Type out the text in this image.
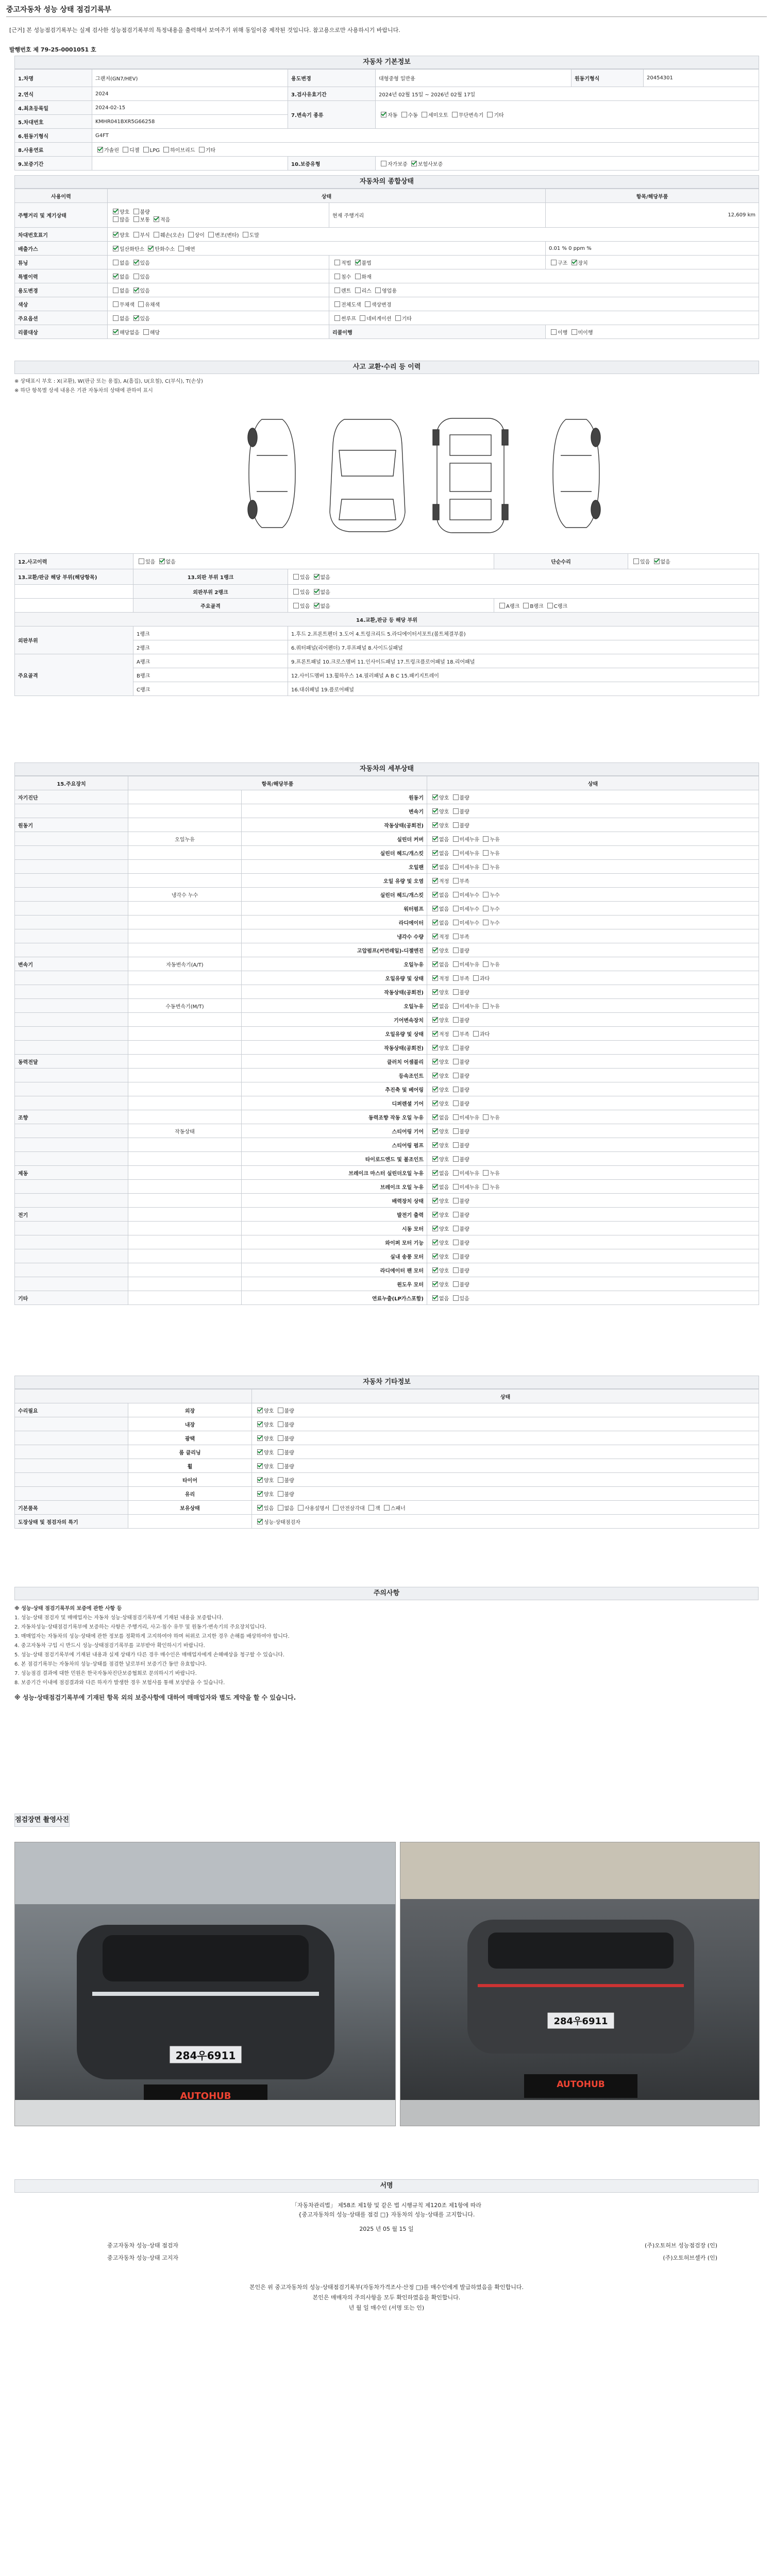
중고자동차 성능 상태 점검기록부
[근거] 본 성능점검기록부는 실제 검사한 성능점검기록부의 특정내용을 출력해서 보여주기 위해 동일이중 제작된 것입니다. 참고용으로만 사용하시기 바랍니다.
발행번호 제 79-25-0001051 호
자동차 기본정보
1.차명	그랜저(GN7/HEV)	용도변경	대형중형 일반용	원동기형식	20454301
2.연식	2024	3.검사유효기간	2024년 02월 15일 ~ 2026년 02월 17일		
4.최초등록일	2024-02-15	7.변속기 종류	자동 수동 세미오토 무단변속기 기타		
5.차대번호	KMHR041BXR5G66258				
6.원동기형식	G4FT				
8.사용연료	가솔린 디젤 LPG 하이브리드 기타				
9.보증기간		10.보증유형	자가보증 보험사보증		
자동차의 종합상태
사용이력	상태		항목/해당부품
주행거리 및 계기상태	양호 불량
많음 보통 적음	현재 주행거리	12,609 km
차대번호표기	양호 부식 훼손(오손) 상이 변조(변타) 도말		
배출가스	일산화탄소 탄화수소 매연		0.01 % 0 ppm %
튜닝	없음 있음	적법 불법	구조 장치
특별이력	없음 있음	침수 화재	
용도변경	없음 있음	렌트 리스 영업용	
색상	무채색 유채색	전체도색 색상변경	
주요옵션	없음 있음	썬루프 네비게이션 기타	
리콜대상	해당없음 해당	리콜이행	이행 미이행
사고 교환·수리 등 이력
※ 상태표시 부호 : X(교환), W(판금 또는 용접), A(흠집), U(요철), C(부식), T(손상)
※ 하단 항목별 상세 내용은 기관 자동차의 상태에 관하여 표시
12.사고이력	있음 없음		단순수리	있음 없음
13.교환/판금 해당 부위(해당항목)	13.외판 부위 1랭크	있음 없음		
	외판부위 2랭크	있음 없음		
	주요골격	있음 없음	A랭크 B랭크 C랭크	
14.교환,판금 등 해당 부위				
외판부위	1랭크	1.후드 2.프론트펜더 3.도어 4.트렁크리드 5.라디에이터서포트(볼트체결부품)		
	2랭크	6.쿼터패널(리어펜더) 7.루프패널 8.사이드실패널		
주요골격	A랭크	9.프론트패널 10.크로스멤버 11.인사이드패널 17.트렁크플로어패널 18.리어패널		
	B랭크	12.사이드멤버 13.휠하우스 14.필러패널 A B C 15.패키지트레이		
	C랭크	16.대쉬패널 19.플로어패널		
자동차의 세부상태
15.주요장치	항목/해당부품		상태
자기진단		원동기	양호 불량
		변속기	양호 불량
원동기		작동상태(공회전)	양호 불량
	오일누유	실린더 커버	없음 미세누유 누유
		실린더 헤드/개스킷	없음 미세누유 누유
		오일팬	없음 미세누유 누유
		오일 유량 및 오염	적정 부족
	냉각수 누수	실린더 헤드/개스킷	없음 미세누수 누수
		워터펌프	없음 미세누수 누수
		라디에이터	없음 미세누수 누수
		냉각수 수량	적정 부족
		고압펌프(커먼레일)-디젤엔진	양호 불량
변속기	자동변속기(A/T)	오일누유	없음 미세누유 누유
		오일유량 및 상태	적정 부족 과다
		작동상태(공회전)	양호 불량
	수동변속기(M/T)	오일누유	없음 미세누유 누유
		기어변속장치	양호 불량
		오일유량 및 상태	적정 부족 과다
		작동상태(공회전)	양호 불량
동력전달		클러치 어셈블리	양호 불량
		등속조인트	양호 불량
		추진축 및 베어링	양호 불량
		디퍼렌셜 기어	양호 불량
조향		동력조향 작동 오일 누유	없음 미세누유 누유
	작동상태	스티어링 기어	양호 불량
		스티어링 펌프	양호 불량
		타이로드엔드 및 볼조인트	양호 불량
제동		브레이크 마스터 실린더오일 누유	없음 미세누유 누유
		브레이크 오일 누유	없음 미세누유 누유
		배력장치 상태	양호 불량
전기		발전기 출력	양호 불량
		시동 모터	양호 불량
		와이퍼 모터 기능	양호 불량
		실내 송풍 모터	양호 불량
		라디에이터 팬 모터	양호 불량
		윈도우 모터	양호 불량
기타		연료누출(LP가스포함)	없음 있음
자동차 기타정보
		상태
수리필요	외장	양호 불량
	내장	양호 불량
	광택	양호 불량
	룸 클리닝	양호 불량
	휠	양호 불량
	타이어	양호 불량
	유리	양호 불량
기본품목	보유상태	있음 없음 사용설명서 안전삼각대 잭 스패너
도장상태 및 점검자의 특기		성능·상태점검자
주의사항
※ 성능·상태 점검기록부의 보증에 관한 사항 등
1. 성능·상태 점검자 및 매매업자는 자동차 성능·상태점검기록부에 기재된 내용을 보증합니다.
2. 자동차성능·상태점검기록부에 보증하는 사항은 주행거리, 사고·침수 유무 및 원동기·변속기의 주요장치입니다.
3. 매매업자는 자동차의 성능·상태에 관한 정보를 정확하게 고지하여야 하며 허위로 고지한 경우 손해를 배상하여야 합니다.
4. 중고자동차 구입 시 반드시 성능·상태점검기록부를 교부받아 확인하시기 바랍니다.
5. 성능·상태 점검기록부에 기재된 내용과 실제 상태가 다른 경우 매수인은 매매업자에게 손해배상을 청구할 수 있습니다.
6. 본 점검기록부는 자동차의 성능·상태를 점검한 날로부터 보증기간 동안 유효합니다.
7. 성능점검 결과에 대한 민원은 한국자동차진단보증협회로 문의하시기 바랍니다.
8. 보증기간 이내에 점검결과와 다른 하자가 발생한 경우 보험사를 통해 보상받을 수 있습니다.
※ 성능·상태점검기록부에 기재된 항목 외의 보증사항에 대하여 매매업자와 별도 계약을 할 수 있습니다.
점검장면 촬영사진
284우6911
AUTOHUB
284우6911
AUTOHUB
서명
「자동차관리법」 제58조 제1항 및 같은 법 시행규칙 제120조 제1항에 따라
{중고자동차의 성능·상태를 점검 □} 자동차의 성능·상태를 고지합니다.
2025 년 05 월 15 일
중고자동차 성능·상태 점검자	(주)오토허브 성능점검장 (인)
중고자동차 성능·상태 고지자	(주)오토허브셀카 (인)
본인은 위 중고자동차의 성능·상태점검기록부(자동차가격조사·산정 □)를 매수인에게 발급하였음을 확인합니다.
본인은 매매자의 주의사항을 모두 확인하였음을 확인합니다.
년 월 일 매수인 (서명 또는 인)
